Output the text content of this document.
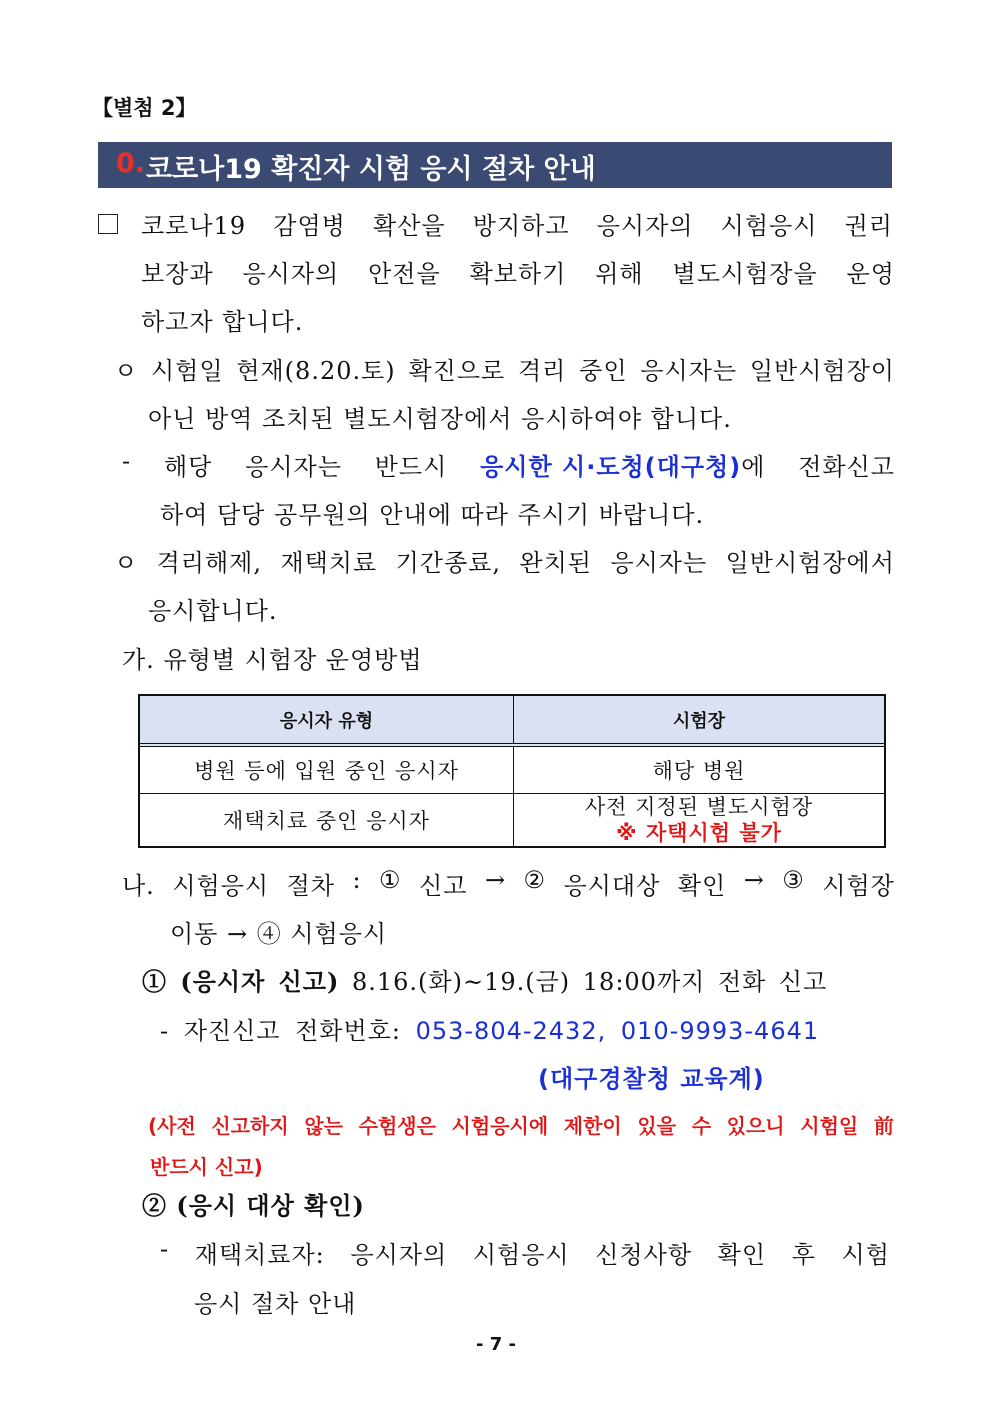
【별첨 2】
0. 코로나19 확진자 시험 응시 절차 안내
코로나19 감염병 확산을 방지하고 응시자의 시험응시 권리
보장과 응시자의 안전을 확보하기 위해 별도시험장을 운영
하고자 합니다.
ㅇ 시험일 현재(8.20.토) 확진으로 격리 중인 응시자는 일반시험장이
아닌 방역 조치된 별도시험장에서 응시하여야 합니다.
- 해당 응시자는 반드시 응시한 시·도청(대구청)에 전화신고
하여 담당 공무원의 안내에 따라 주시기 바랍니다.
ㅇ 격리해제, 재택치료 기간종료, 완치된 응시자는 일반시험장에서
응시합니다.
가. 유형별 시험장 운영방법
응시자 유형	시험장
병원 등에 입원 중인 응시자	해당 병원
재택치료 중인 응시자
사전 지정된 별도시험장
※ 자택시험 불가
나. 시험응시 절차 : ① 신고 → ② 응시대상 확인 → ③ 시험장
이동 → ④ 시험응시
① (응시자 신고) 8.16.(화)~19.(금) 18:00까지 전화 신고
- 자진신고 전화번호: 053-804-2432, 010-9993-4641
(대구경찰청 교육계)
(사전 신고하지 않는 수험생은 시험응시에 제한이 있을 수 있으니 시험일 前
반드시 신고)
② (응시 대상 확인)
- 재택치료자: 응시자의 시험응시 신청사항 확인 후 시험
응시 절차 안내
- 7 -
